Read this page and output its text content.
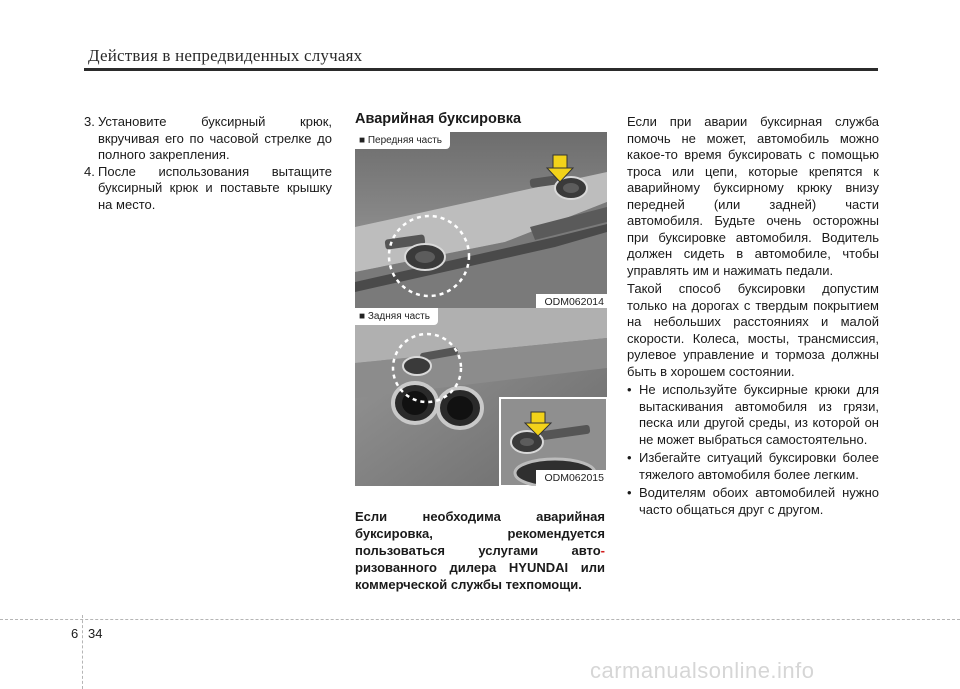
Действия в непредвиденных случаях
3. Установите буксирный крюк, вкручивая его по часовой стрелке до полного закрепления.
4. После использования вытащите буксирный крюк и поставьте крышку на место.
Аварийная буксировка
■ Передняя часть
ODM062014
■ Задняя часть
ODM062015
Если необходима аварийная буксировка, рекомендуется пользоваться услугами авто- ризованного дилера HYUNDAI или коммерческой службы техпомощи.

Если при аварии буксирная служба помочь не может, автомобиль можно какое-то время буксировать с помощью троса или цепи, которые крепятся к аварийному буксирному крюку внизу передней (или задней) части автомобиля. Будьте очень осторожны при буксировке автомобиля. Водитель должен сидеть в автомобиле, чтобы управлять им и нажимать педали.

Такой способ буксировки допустим только на дорогах с твердым покрытием на небольших расстояниях и малой скорости. Колеса, мосты, трансмиссия, рулевое управление и тормоза должны быть в хорошем состоянии.

• Не используйте буксирные крюки для вытаскивания автомобиля из грязи, песка или другой среды, из которой он не может выбраться самостоятельно.
• Избегайте ситуаций буксировки более тяжелого автомобиля более легким.
• Водителям обоих автомобилей нужно часто общаться друг с другом.
6 34
carmanualsonline.info
